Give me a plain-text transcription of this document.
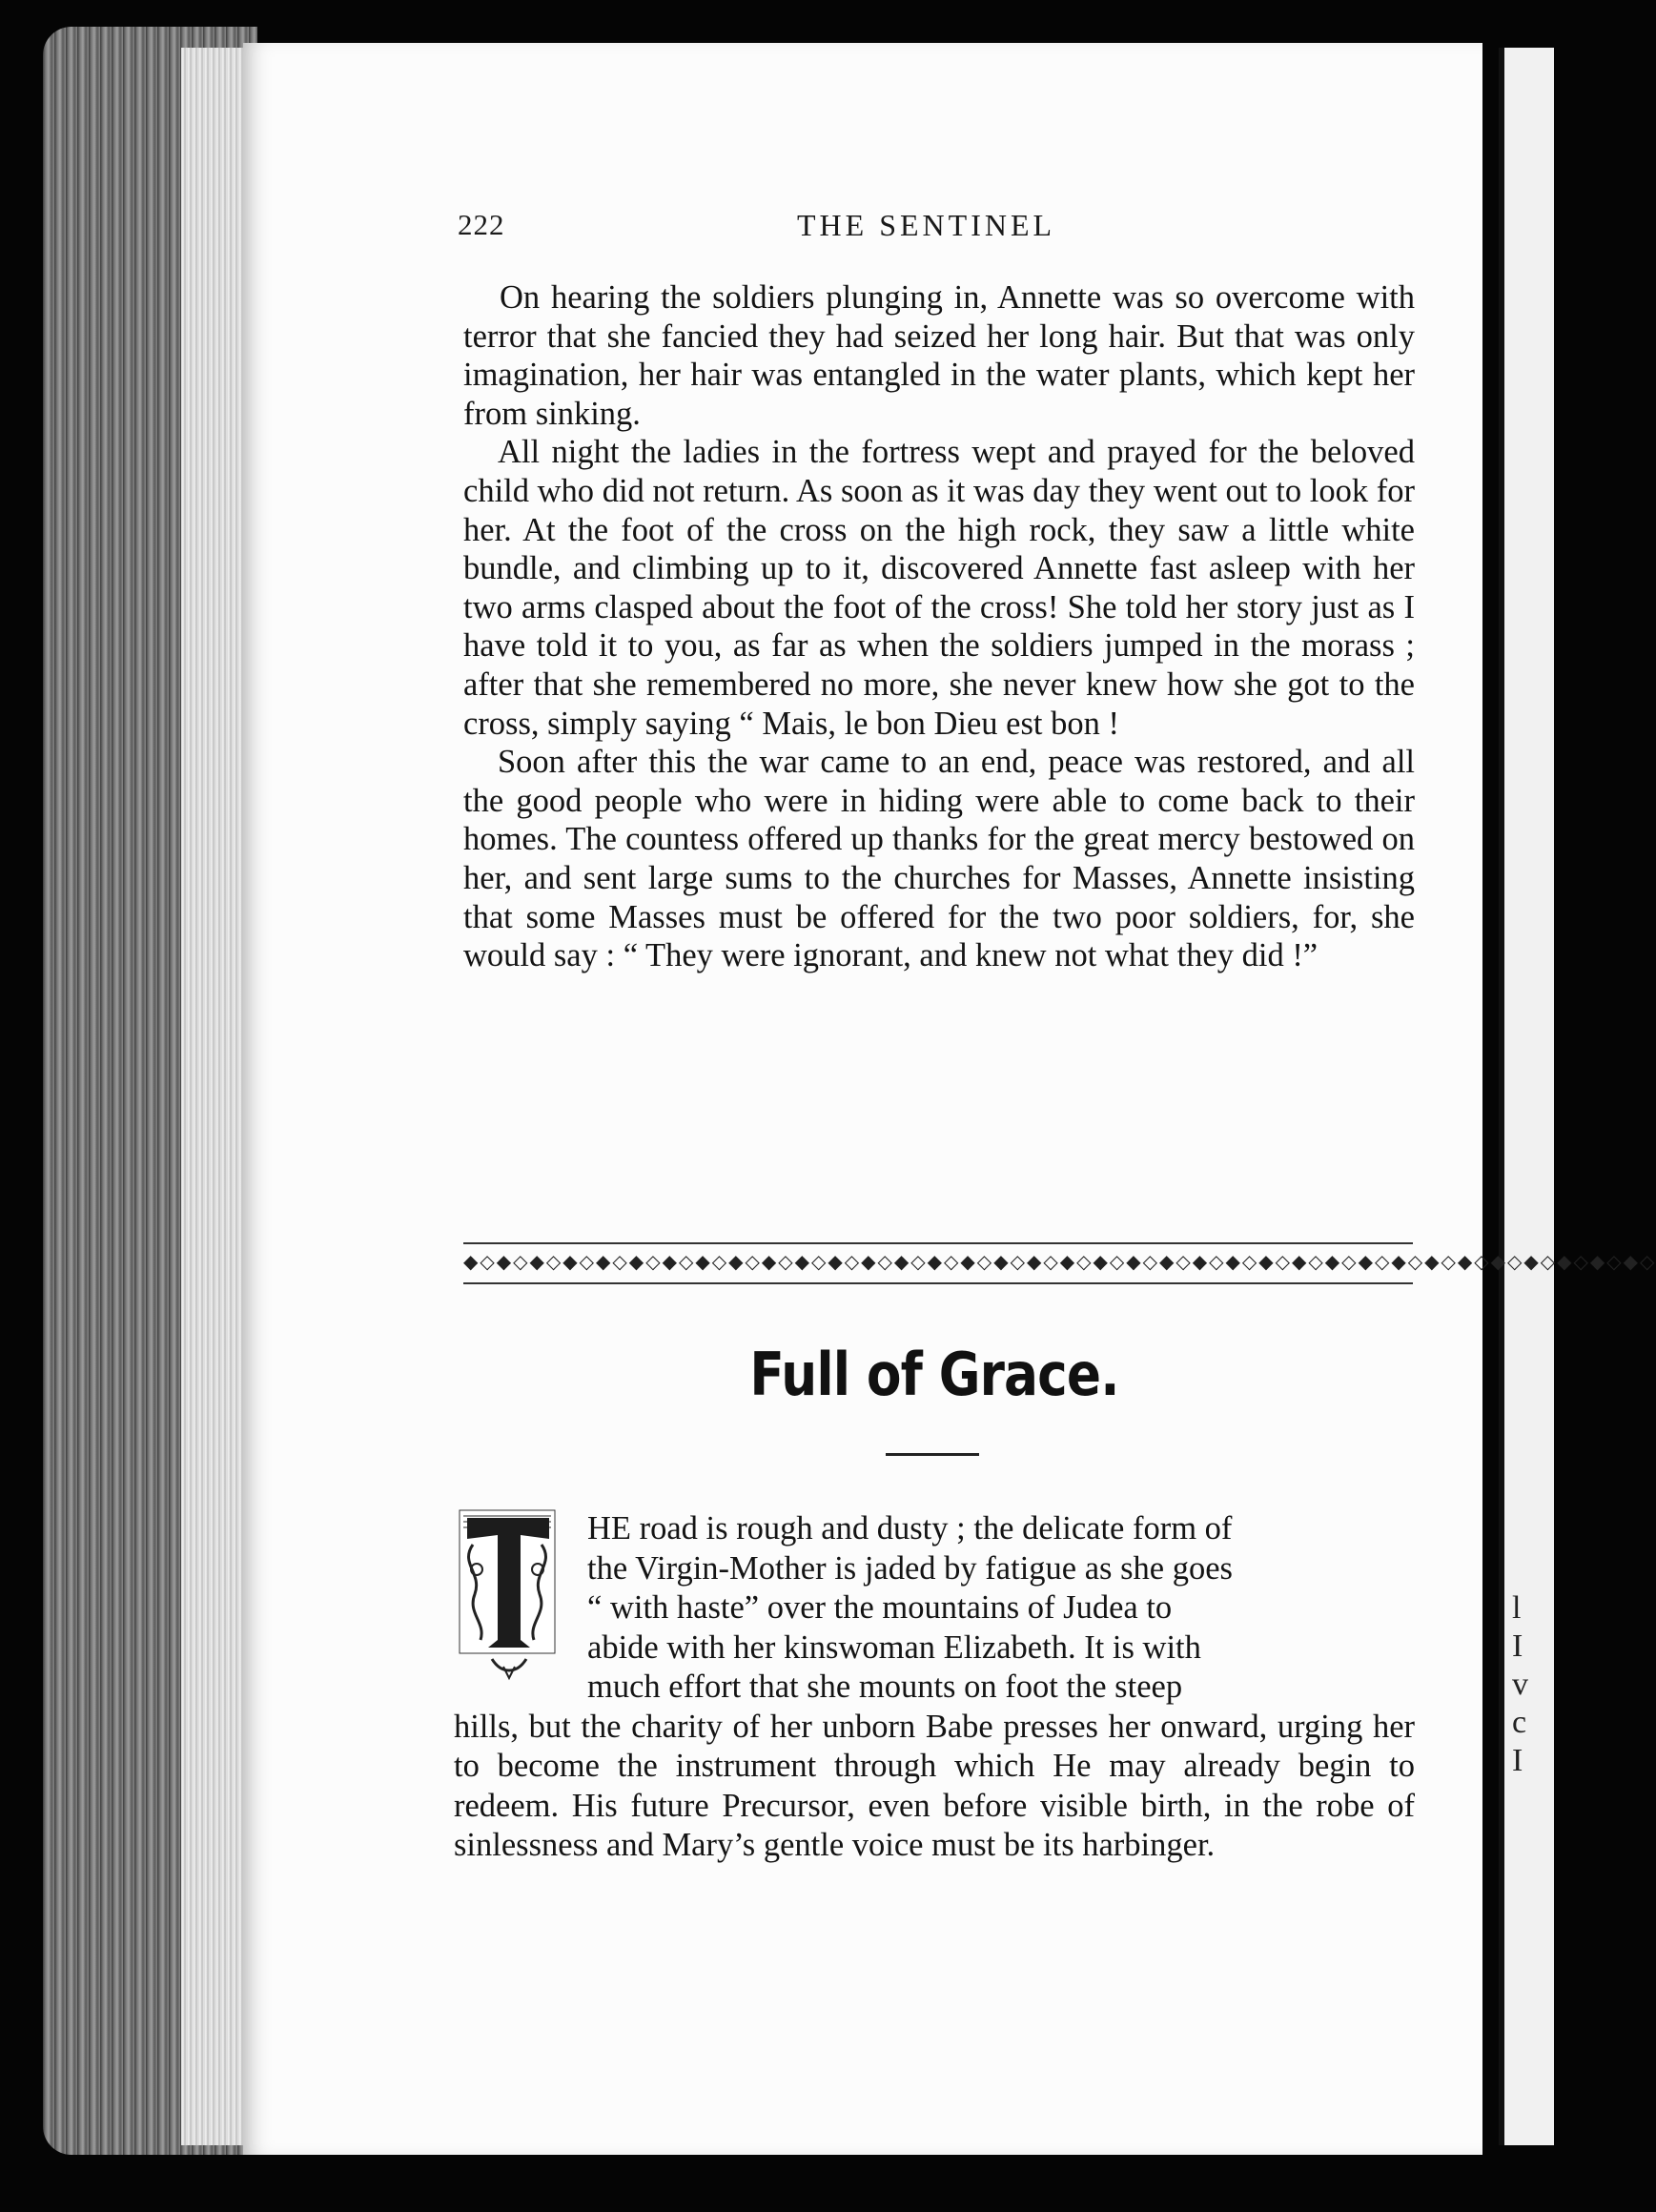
l
I
v
c
I
222	THE SENTINEL

On hearing the soldiers plunging in, Annette was so overcome with terror that she fancied they had seized her long hair. But that was only imagination, her hair was entangled in the water plants, which kept her from sinking.

All night the ladies in the fortress wept and prayed for the beloved child who did not return. As soon as it was day they went out to look for her. At the foot of the cross on the high rock, they saw a little white bundle, and climbing up to it, discovered Annette fast asleep with her two arms clasped about the foot of the cross! She told her story just as I have told it to you, as far as when the soldiers jumped in the morass ; after that she remembered no more, she never knew how she got to the cross, simply saying “ Mais, le bon Dieu est bon !

Soon after this the war came to an end, peace was restored, and all the good people who were in hiding were able to come back to their homes. The countess offered up thanks for the great mercy bestowed on her, and sent large sums to the churches for Masses, Annette insisting that some Masses must be offered for the two poor soldiers, for, she would say : “ They were ignorant, and knew not what they did !”

◆◇◆◇◆◇◆◇◆◇◆◇◆◇◆◇◆◇◆◇◆◇◆◇◆◇◆◇◆◇◆◇◆◇◆◇◆◇◆◇◆◇◆◇◆◇◆◇◆◇◆◇◆◇◆◇◆◇◆◇◆◇◆◇◆◇◆◇◆◇◆◇
Full of Grace.
HE road is rough and dusty ; the delicate form of
the Virgin-Mother is jaded by fatigue as she goes
“ with haste” over the mountains of Judea to
abide with her kinswoman Elizabeth. It is with
much effort that she mounts on foot the steep
hills, but the charity of her unborn Babe presses her onward, urging her to become the instrument through which He may already begin to redeem. His future Precursor, even before visible birth, in the robe of sinlessness and Mary’s gentle voice must be its harbinger.
